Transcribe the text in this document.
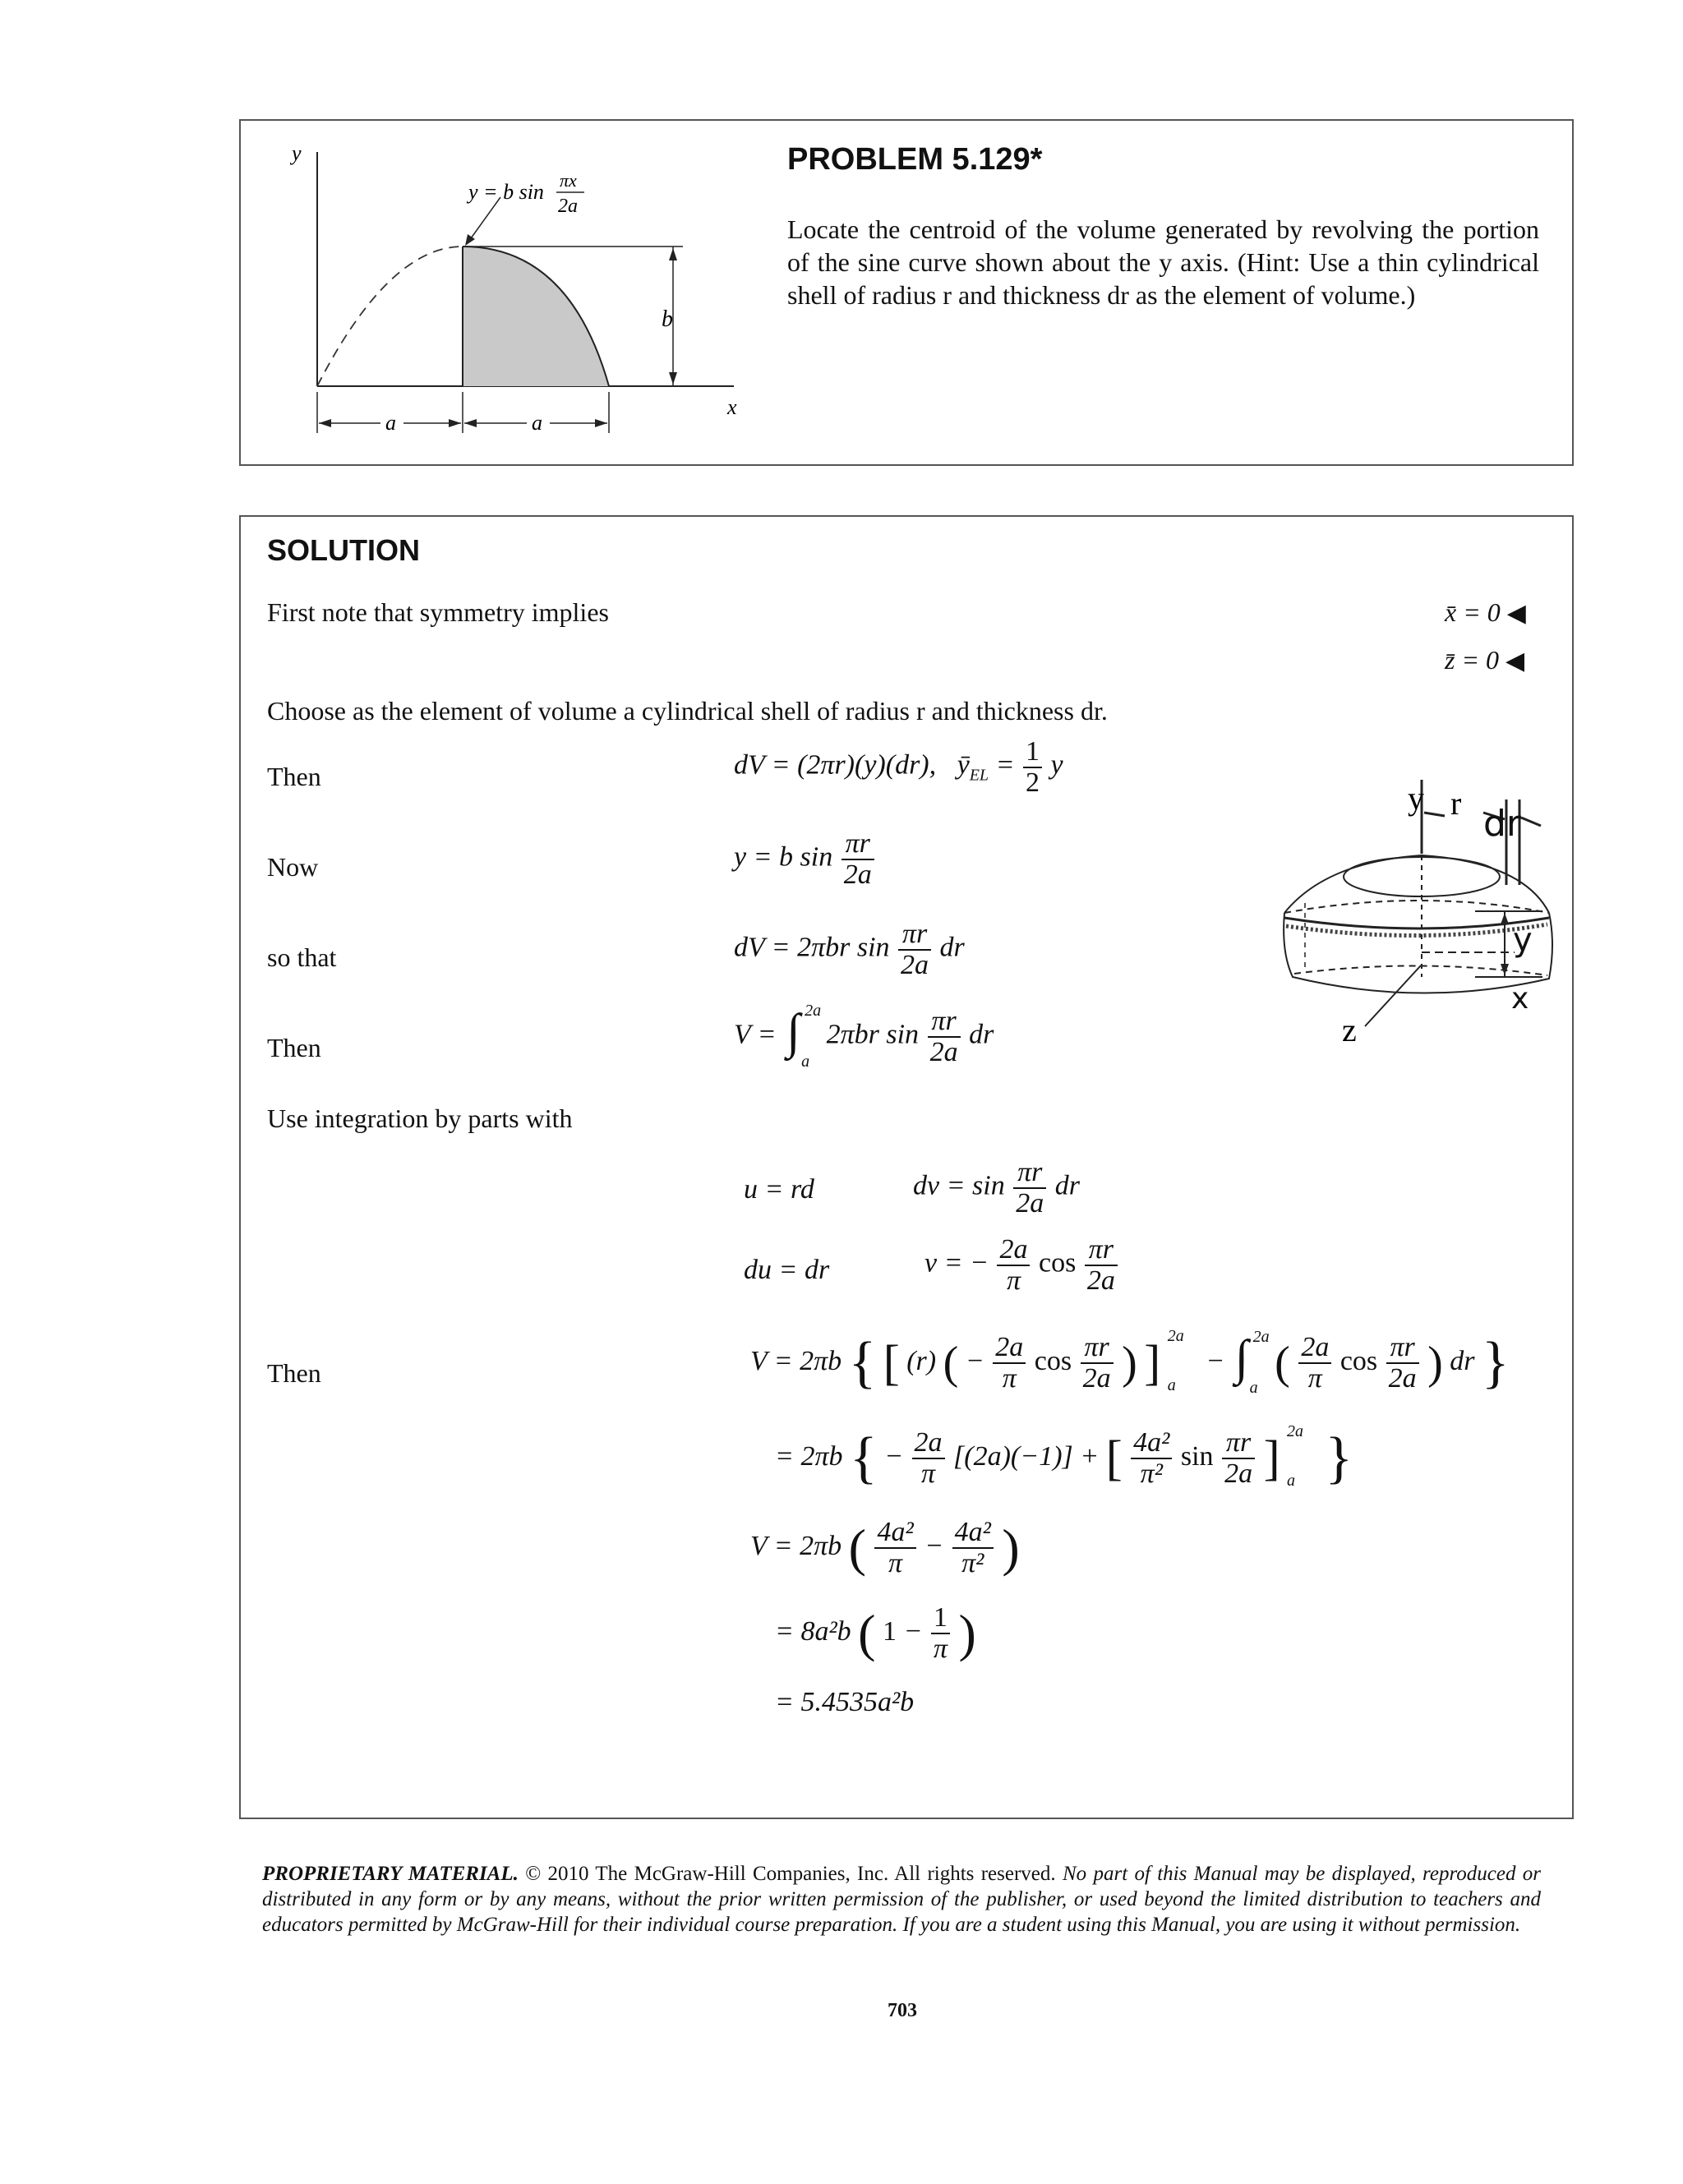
b
a	a
y
x
y = b sin πx
2a
PROBLEM 5.129*
Locate the centroid of the volume generated by revolving the portion of the sine curve shown about the y axis. (Hint: Use a thin cylindrical shell of radius r and thickness dr as the element of volume.)
SOLUTION
First note that symmetry implies	x̄ = 0 ◀
z̄ = 0 ◀
Choose as the element of volume a cylindrical shell of radius r and thickness dr.
Then
Now
so that
Then
Use integration by parts with
Then
dV = (2πr)(y)(dr), $ȳ_{EL} = \frac{1}{2}$ y
y = b $\sin \frac{\pi r}{2a}$
dV = 2πbr $\sin \frac{\pi r}{2a}$ dr
V = ∫ 2a
a
2πbr $\sin \frac{\pi r}{2a}$ dr
u = rd	dv = $\sin \frac{\pi r}{2a}$ dr
du = dr	v = − $\frac{2a}{\pi}$ $\cos \frac{\pi r}{2a}$
V = 2πb { [ (r) ( − $\frac{2a}{\pi}$ $\cos \frac{\pi r}{2a}$ ) ] 2a
a
− ∫ 2a
a ( $\frac{2a}{\pi}$ $\cos \frac{\pi r}{2a}$ ) dr }
= 2πb { − $\frac{2a}{\pi} [(2a)(-1)]$ + [ $\frac{\text{4a²}}{\text{π²}}$ $\sin \frac{\pi r}{2a}$ ] 2a
a }
V = 2πb ( $\frac{\text{4a²}}{\pi} - \frac{\text{4a²}}{\text{π²}}$ )
= 8a²b ( $1 - \frac{1}{\pi}$ )
= 5.4535a²b
y r
z
dr
y
x
PROPRIETARY MATERIAL. © 2010 The McGraw-Hill Companies, Inc. All rights reserved. No part of this Manual may be displayed, reproduced or distributed in any form or by any means, without the prior written permission of the publisher, or used beyond the limited distribution to teachers and educators permitted by McGraw-Hill for their individual course preparation. If you are a student using this Manual, you are using it without permission.
703
